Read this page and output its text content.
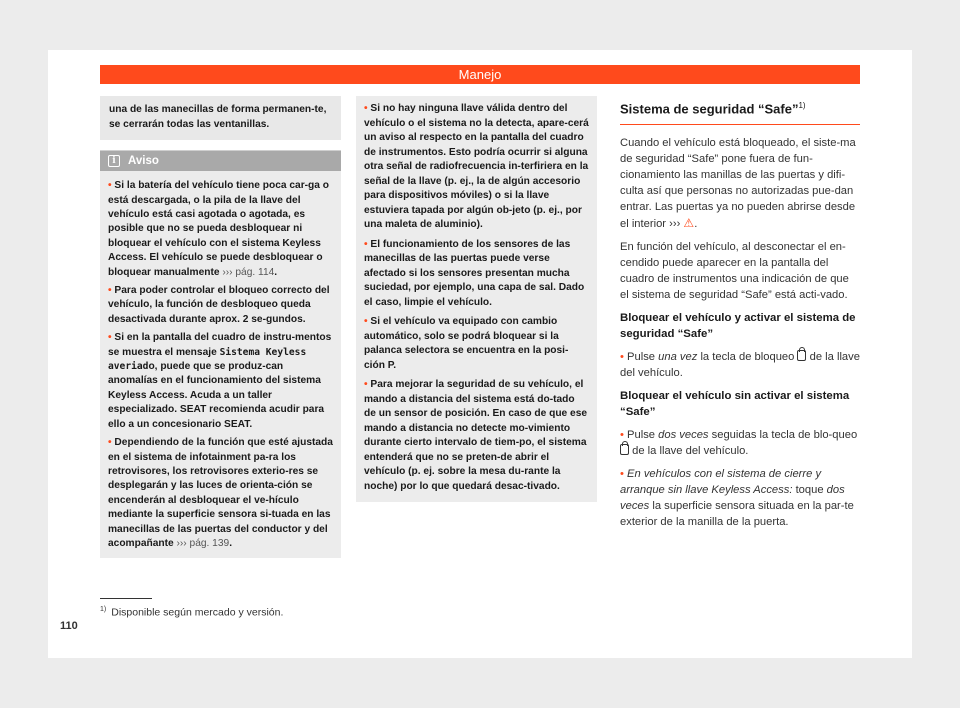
Manejo
una de las manecillas de forma permanen-te, se cerrarán todas las ventanillas.
i	Aviso

• Si la batería del vehículo tiene poca car-ga o está descargada, o la pila de la llave del vehículo está casi agotada o agotada, es posible que no se pueda desbloquear ni bloquear el vehículo con el sistema Keyless Access. El vehículo se puede desbloquear o bloquear manualmente ››› pág. 114.

• Para poder controlar el bloqueo correcto del vehículo, la función de desbloqueo queda desactivada durante aprox. 2 se-gundos.

• Si en la pantalla del cuadro de instru-mentos se muestra el mensaje Sistema Keyless averiado, puede que se produz-can anomalías en el funcionamiento del sistema Keyless Access. Acuda a un taller especializado. SEAT recomienda acudir para ello a un concesionario SEAT.

• Dependiendo de la función que esté ajustada en el sistema de infotainment pa-ra los retrovisores, los retrovisores exterio-res se desplegarán y las luces de orienta-ción se encenderán al desbloquear el ve-hículo mediante la superficie sensora si-tuada en las manecillas de las puertas del conductor y del acompañante ››› pág. 139.

• Si no hay ninguna llave válida dentro del vehículo o el sistema no la detecta, apare-cerá un aviso al respecto en la pantalla del cuadro de instrumentos. Esto podría ocurrir si alguna otra señal de radiofrecuencia in-terfiriera en la señal de la llave (p. ej., la de algún accesorio para dispositivos móviles) o si la llave estuviera tapada por algún ob-jeto (p. ej., por una maleta de aluminio).

• El funcionamiento de los sensores de las manecillas de las puertas puede verse afectado si los sensores presentan mucha suciedad, por ejemplo, una capa de sal. Dado el caso, limpie el vehículo.

• Si el vehículo va equipado con cambio automático, solo se podrá bloquear si la palanca selectora se encuentra en la posi-ción P.

• Para mejorar la seguridad de su vehículo, el mando a distancia del sistema está do-tado de un sensor de posición. En caso de que ese mando a distancia no detecte mo-vimiento durante cierto intervalo de tiem-po, el sistema entenderá que no se preten-de abrir el vehículo (p. ej. sobre la mesa du-rante la noche) por lo que quedará desac-tivado.

Sistema de seguridad “Safe”$^{1)}$

Cuando el vehículo está bloqueado, el siste-ma de seguridad “Safe” pone fuera de fun-cionamiento las manillas de las puertas y difi-culta así que personas no autorizadas pue-dan entrar. Las puertas ya no pueden abrirse desde el interior ››› ⚠.

En función del vehículo, al desconectar el en-cendido puede aparecer en la pantalla del cuadro de instrumentos una indicación de que el sistema de seguridad “Safe” está acti-vado.

Bloquear el vehículo y activar el sistema de seguridad “Safe”

• Pulse una vez la tecla de bloqueo de la llave del vehículo.

Bloquear el vehículo sin activar el sistema “Safe”

• Pulse dos veces seguidas la tecla de blo-queo  de la llave del vehículo.

• En vehículos con el sistema de cierre y arranque sin llave Keyless Access: toque dos veces la superficie sensora situada en la par-te exterior de la manilla de la puerta.

$^{1)}$ Disponible según mercado y versión.
110
